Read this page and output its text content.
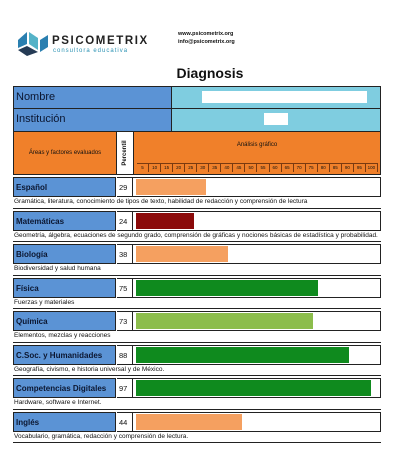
PSICOMETRIX
consultora educativa
www.psicometrix.org
info@psicometrix.org
Diagnosis
Nombre
Institución
Áreas y factores evaluados	Percentil	Análisis gráfico
5	10	15	20	25	30	35	40	45	50	55	60	65	70	75	80	85	90	95	100
Español	29
Gramática, literatura, conocimiento de tipos de texto, habilidad de redacción y comprensión de lectura
Matemáticas	24
Geometría, álgebra, ecuaciones de segundo grado, comprensión de gráficas y nociones básicas de estadística y probabilidad.
Biología	38
Biodiversidad y salud humana
Física	75
Fuerzas y materiales
Química	73
Elementos, mezclas y reacciones
C.Soc. y Humanidades	88
Geografía, civismo, e historia universal y de México.
Competencias Digitales	97
Hardware, software e Internet.
Inglés	44
Vocabulario, gramática, redacción y comprensión de lectura.
